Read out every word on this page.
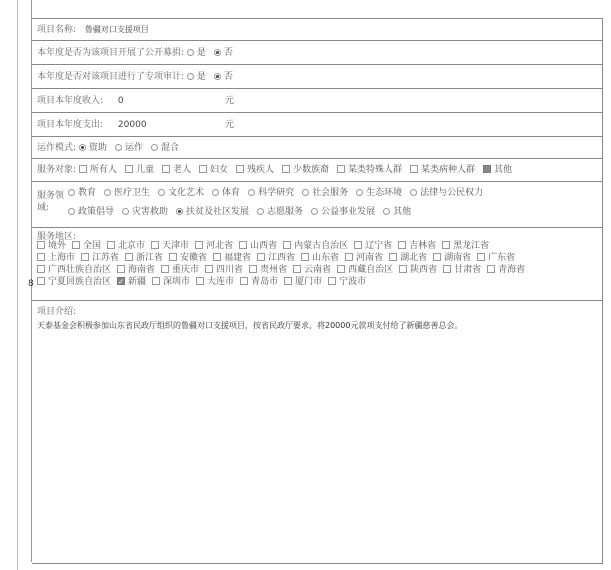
8
项目名称: 鲁疆对口支援项目
本年度是否为该项目开展了公开募捐: 是 否
本年度是否对该项目进行了专项审计: 是 否
项目本年度收入: 0	元
项目本年度支出: 20000	元
运作模式: 资助 运作 混合
服务对象: 所有人 儿童 老人 妇女 残疾人 少数族裔 某类特殊人群 某类病种人群 ✓ 其他
服务领
域:
教育 医疗卫生 文化艺术 体育 科学研究 社会服务 生态环境 法律与公民权力
政策倡导 灾害救助 扶贫及社区发展 志愿服务 公益事业发展 其他
服务地区:
境外 全国 北京市 天津市 河北省 山西省 内蒙古自治区 辽宁省 吉林省 黑龙江省
上海市 江苏省 浙江省 安徽省 福建省 江西省 山东省 河南省 湖北省 湖南省 广东省
广西壮族自治区 海南省 重庆市 四川省 贵州省 云南省 西藏自治区 陕西省 甘肃省 青海省
宁夏回族自治区 ✓ 新疆 深圳市 大连市 青岛市 厦门市 宁波市
项目介绍:
天泰基金会积极参加山东省民政厅组织的鲁疆对口支援项目，按省民政厅要求，将20000元款项支付给了新疆慈善总会。
